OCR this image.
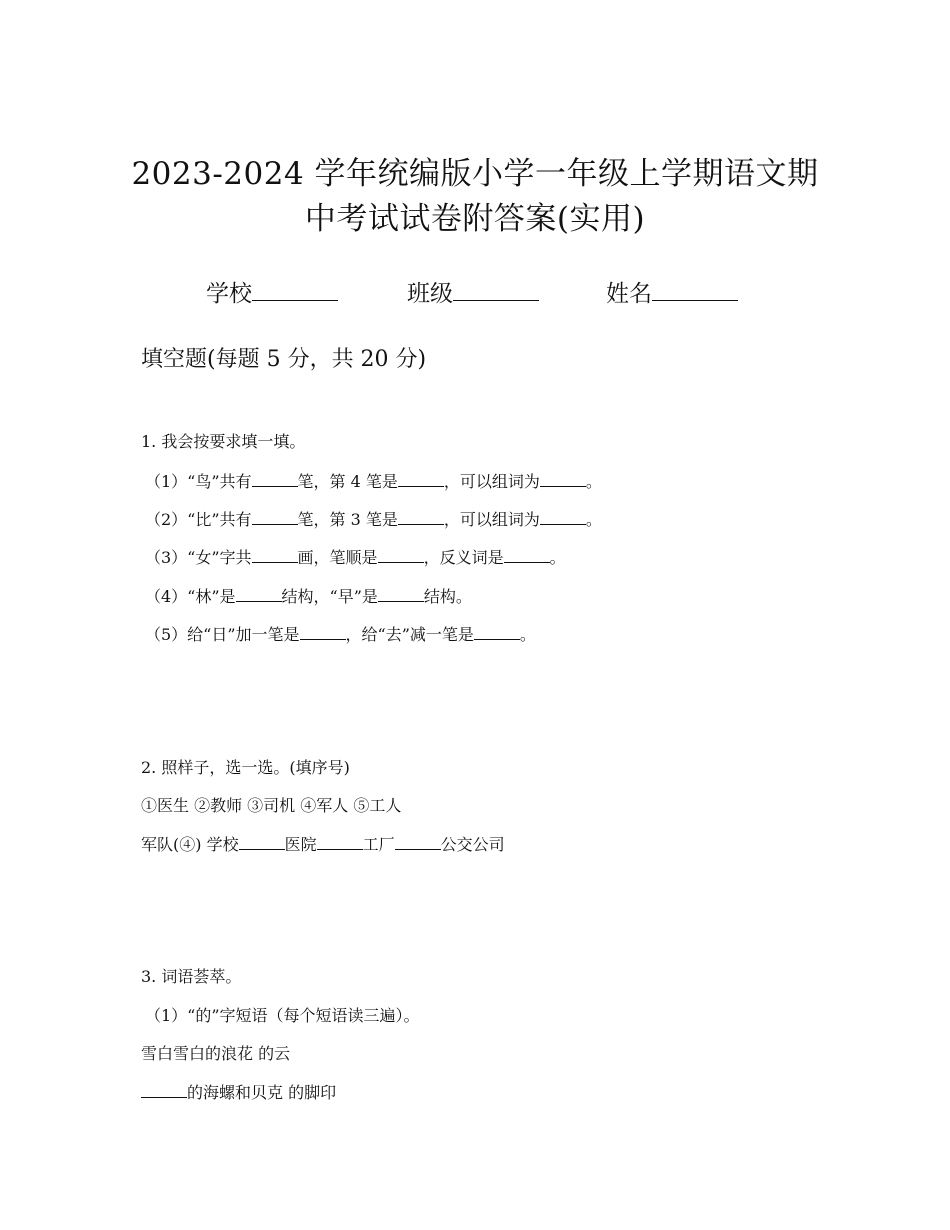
2023-2024 学年统编版小学一年级上学期语文期
中考试试卷附答案(实用)
学校	班级	姓名
填空题(每题 5 分，共 20 分)
1. 我会按要求填一填。
（1）“鸟”共有	笔，第 4 笔是	，可以组词为	。
（2）“比”共有	笔，第 3 笔是	，可以组词为	。
（3）“女”字共	画，笔顺是	，反义词是	。
（4）“林”是	结构，“早”是	结构。
（5）给“日”加一笔是	，给“去”减一笔是	。
2. 照样子，选一选。(填序号)
①医生 ②教师 ③司机 ④军人 ⑤工人
军队(④) 学校	医院	工厂	公交公司
3. 词语荟萃。
（1）“的”字短语（每个短语读三遍）。
雪白雪白的浪花 的云
的海螺和贝克 的脚印
